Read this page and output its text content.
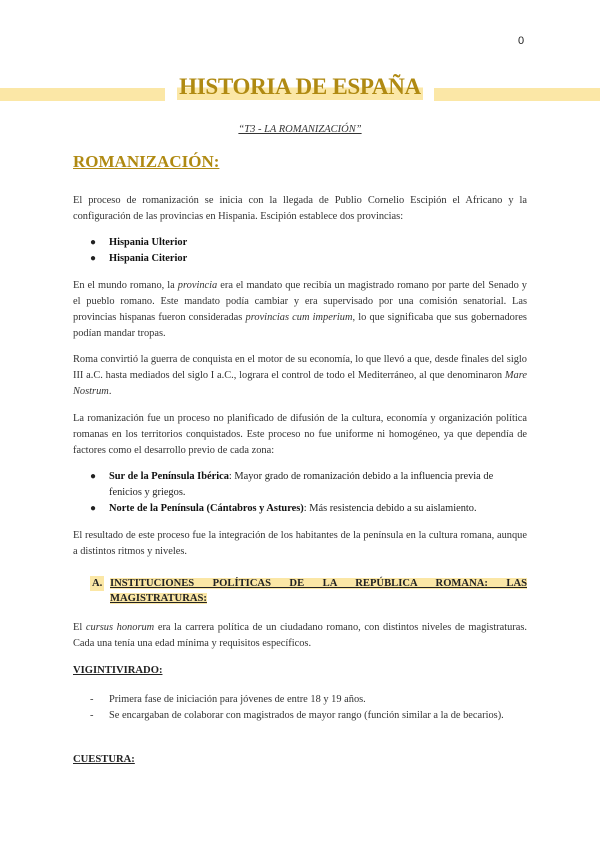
0
HISTORIA DE ESPAÑA
“T3 - LA ROMANIZACIÓN”
ROMANIZACIÓN:
El proceso de romanización se inicia con la llegada de Publio Cornelio Escipión el Africano y la configuración de las provincias en Hispania. Escipión establece dos provincias:
● Hispania Ulterior
● Hispania Citerior
En el mundo romano, la provincia era el mandato que recibía un magistrado romano por parte del Senado y el pueblo romano. Este mandato podía cambiar y era supervisado por una comisión senatorial. Las provincias hispanas fueron consideradas provincias cum imperium, lo que significaba que sus gobernadores podían mandar tropas.
Roma convirtió la guerra de conquista en el motor de su economía, lo que llevó a que, desde finales del siglo III a.C. hasta mediados del siglo I a.C., lograra el control de todo el Mediterráneo, al que denominaron Mare Nostrum.
La romanización fue un proceso no planificado de difusión de la cultura, economía y organización política romanas en los territorios conquistados. Este proceso no fue uniforme ni homogéneo, ya que dependía de factores como el desarrollo previo de cada zona:
● Sur de la Península Ibérica: Mayor grado de romanización debido a la influencia previa de fenicios y griegos.
● Norte de la Península (Cántabros y Astures): Más resistencia debido a su aislamiento.
El resultado de este proceso fue la integración de los habitantes de la península en la cultura romana, aunque a distintos ritmos y niveles.
A. INSTITUCIONES POLÍTICAS DE LA REPÚBLICA ROMANA: LAS
MAGISTRATURAS:
El cursus honorum era la carrera política de un ciudadano romano, con distintos niveles de magistraturas. Cada una tenía una edad mínima y requisitos específicos.
VIGINTIVIRADO:
- Primera fase de iniciación para jóvenes de entre 18 y 19 años.
- Se encargaban de colaborar con magistrados de mayor rango (función similar a la de becarios).
CUESTURA:
